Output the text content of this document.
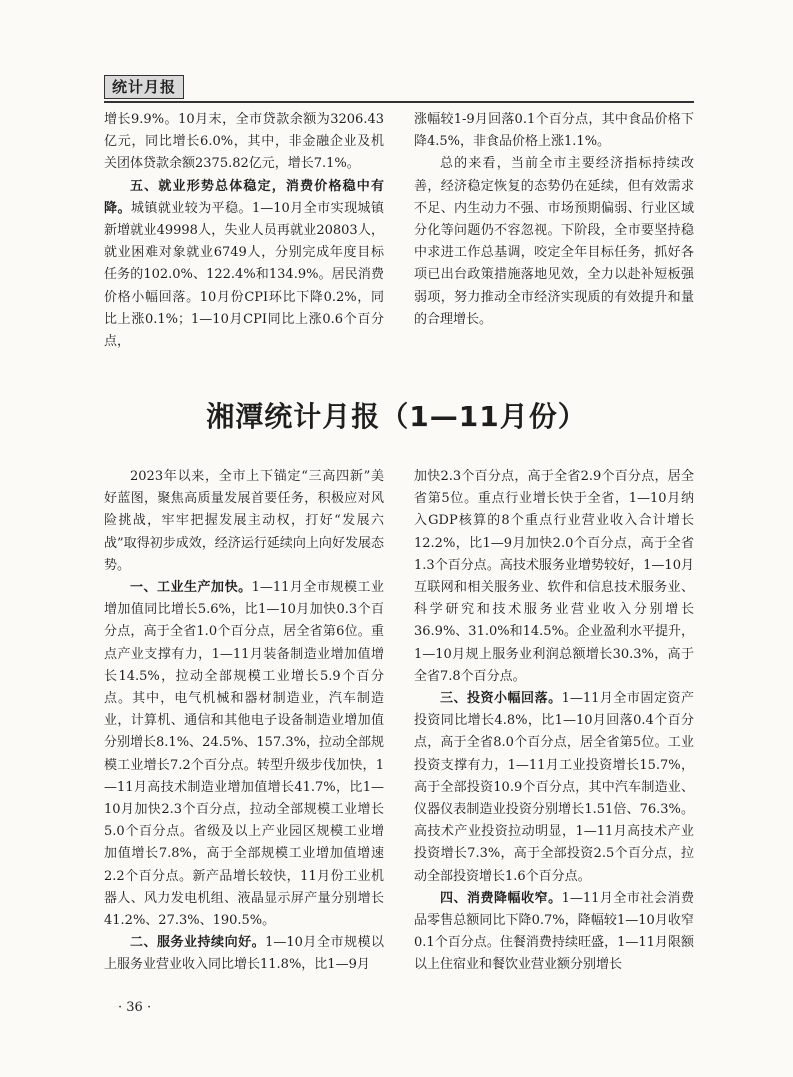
统计月报

增长9.9%。10月末，全市贷款余额为3206.43亿元，同比增长6.0%，其中，非金融企业及机关团体贷款余额2375.82亿元，增长7.1%。

五、就业形势总体稳定，消费价格稳中有降。城镇就业较为平稳。1—10月全市实现城镇新增就业49998人，失业人员再就业20803人，就业困难对象就业6749人，分别完成年度目标任务的102.0%、122.4%和134.9%。居民消费价格小幅回落。10月份CPI环比下降0.2%，同比上涨0.1%；1—10月CPI同比上涨0.6个百分点，

涨幅较1-9月回落0.1个百分点，其中食品价格下降4.5%，非食品价格上涨1.1%。

总的来看，当前全市主要经济指标持续改善，经济稳定恢复的态势仍在延续，但有效需求不足、内生动力不强、市场预期偏弱、行业区域分化等问题仍不容忽视。下阶段，全市要坚持稳中求进工作总基调，咬定全年目标任务，抓好各项已出台政策措施落地见效，全力以赴补短板强弱项，努力推动全市经济实现质的有效提升和量的合理增长。

湘潭统计月报（1—11月份）

2023年以来，全市上下锚定“三高四新”美好蓝图，聚焦高质量发展首要任务，积极应对风险挑战，牢牢把握发展主动权，打好“发展六战”取得初步成效，经济运行延续向上向好发展态势。

一、工业生产加快。1—11月全市规模工业增加值同比增长5.6%，比1—10月加快0.3个百分点，高于全省1.0个百分点，居全省第6位。重点产业支撑有力，1—11月装备制造业增加值增长14.5%，拉动全部规模工业增长5.9个百分点。其中，电气机械和器材制造业，汽车制造业，计算机、通信和其他电子设备制造业增加值分别增长8.1%、24.5%、157.3%，拉动全部规模工业增长7.2个百分点。转型升级步伐加快，1—11月高技术制造业增加值增长41.7%，比1—10月加快2.3个百分点，拉动全部规模工业增长5.0个百分点。省级及以上产业园区规模工业增加值增长7.8%，高于全部规模工业增加值增速2.2个百分点。新产品增长较快，11月份工业机器人、风力发电机组、液晶显示屏产量分别增长41.2%、27.3%、190.5%。

二、服务业持续向好。1—10月全市规模以上服务业营业收入同比增长11.8%，比1—9月

加快2.3个百分点，高于全省2.9个百分点，居全省第5位。重点行业增长快于全省，1—10月纳入GDP核算的8个重点行业营业收入合计增长12.2%，比1—9月加快2.0个百分点，高于全省1.3个百分点。高技术服务业增势较好，1—10月互联网和相关服务业、软件和信息技术服务业、科学研究和技术服务业营业收入分别增长36.9%、31.0%和14.5%。企业盈利水平提升，1—10月规上服务业利润总额增长30.3%，高于全省7.8个百分点。

三、投资小幅回落。1—11月全市固定资产投资同比增长4.8%，比1—10月回落0.4个百分点，高于全省8.0个百分点，居全省第5位。工业投资支撑有力，1—11月工业投资增长15.7%，高于全部投资10.9个百分点，其中汽车制造业、仪器仪表制造业投资分别增长1.51倍、76.3%。高技术产业投资拉动明显，1—11月高技术产业投资增长7.3%，高于全部投资2.5个百分点，拉动全部投资增长1.6个百分点。

四、消费降幅收窄。1—11月全市社会消费品零售总额同比下降0.7%，降幅较1—10月收窄0.1个百分点。住餐消费持续旺盛，1—11月限额以上住宿业和餐饮业营业额分别增长

· 36 ·
